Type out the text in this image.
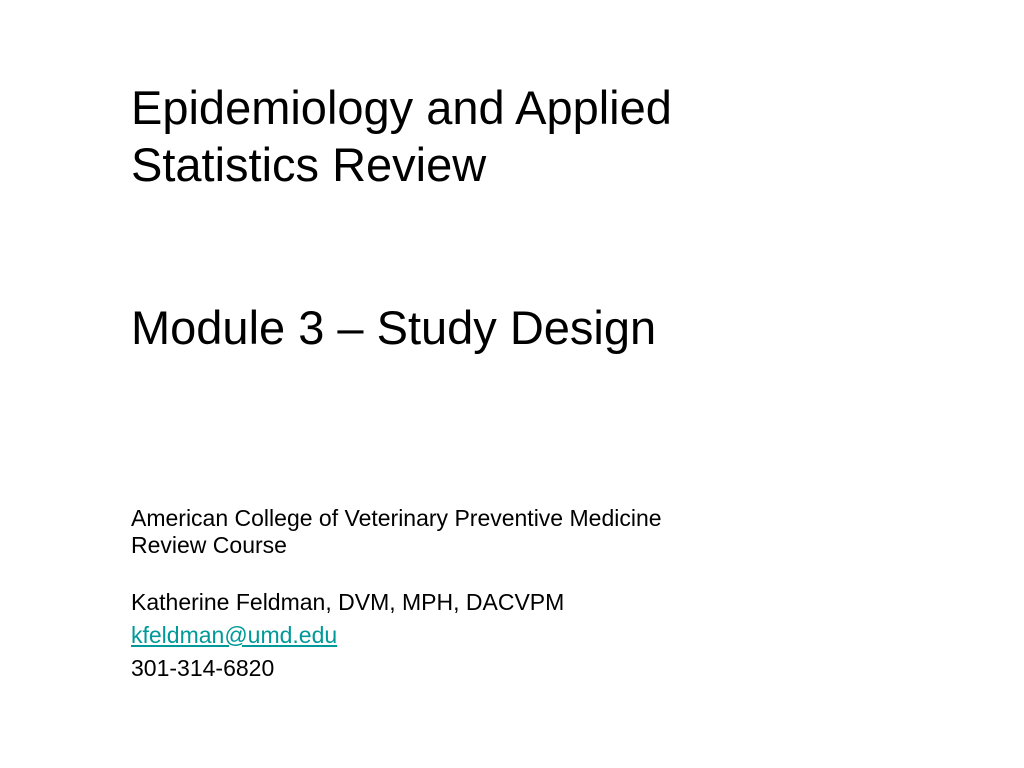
Epidemiology and Applied
Statistics Review
Module 3 – Study Design
American College of Veterinary Preventive Medicine
Review Course
Katherine Feldman, DVM, MPH, DACVPM
kfeldman@umd.edu
301-314-6820
